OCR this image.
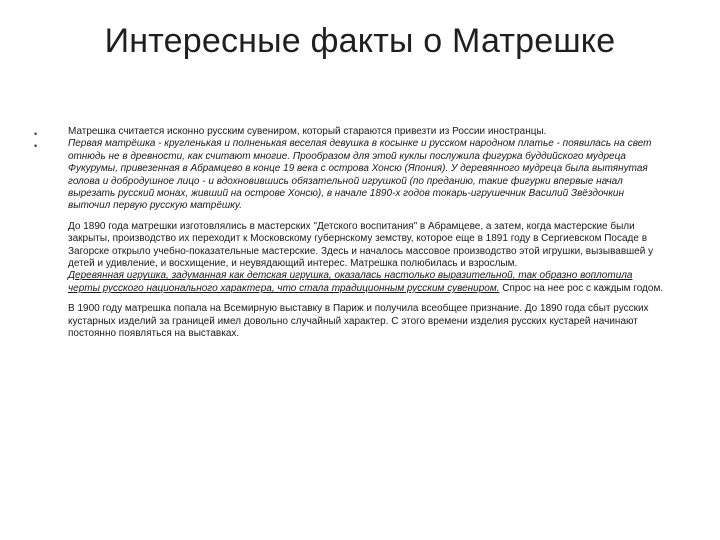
Интересные факты о Матрешке
•
•

Матрешка считается исконно русским сувениром, который стараются привезти из России иностранцы.

Первая матрёшка - кругленькая и полненькая веселая девушка в косынке и русском народном платье - появилась на свет отнюдь не в древности, как считают многие. Прообразом для этой куклы послужила фигурка буддийского мудреца Фукурумы, привезенная в Абрамцево в конце 19 века с острова Хонсю (Япония). У деревянного мудреца была вытянутая голова и добродушное лицо - и вдохновившись обязательной игрушкой (по преданию, такие фигурки впервые начал вырезать русский монах, живший на острове Хонсю), в начале 1890-х годов токарь-игрушечник Василий Звёздочкин выточил первую русскую матрёшку.

До 1890 года матрешки изготовлялись в мастерских "Детского воспитания" в Абрамцеве, а затем, когда мастерские были закрыты, производство их переходит к Московскому губернскому земству, которое еще в 1891 году в Сергиевском Посаде в Загорске открыло учебно-показательные мастерские. Здесь и началось массовое производство этой игрушки, вызывавшей у детей и удивление, и восхищение, и неувядающий интерес. Матрешка полюбилась и взрослым.

Деревянная игрушка, задуманная как детская игрушка, оказалась настолько выразительной, так образно воплотила черты русского национального характера, что стала традиционным русским сувениром. Спрос на нее рос с каждым годом.

В 1900 году матрешка попала на Всемирную выставку в Париж и получила всеобщее признание. До 1890 года сбыт русских кустарных изделий за границей имел довольно случайный характер. С этого времени изделия русских кустарей начинают постоянно появляться на выставках.
